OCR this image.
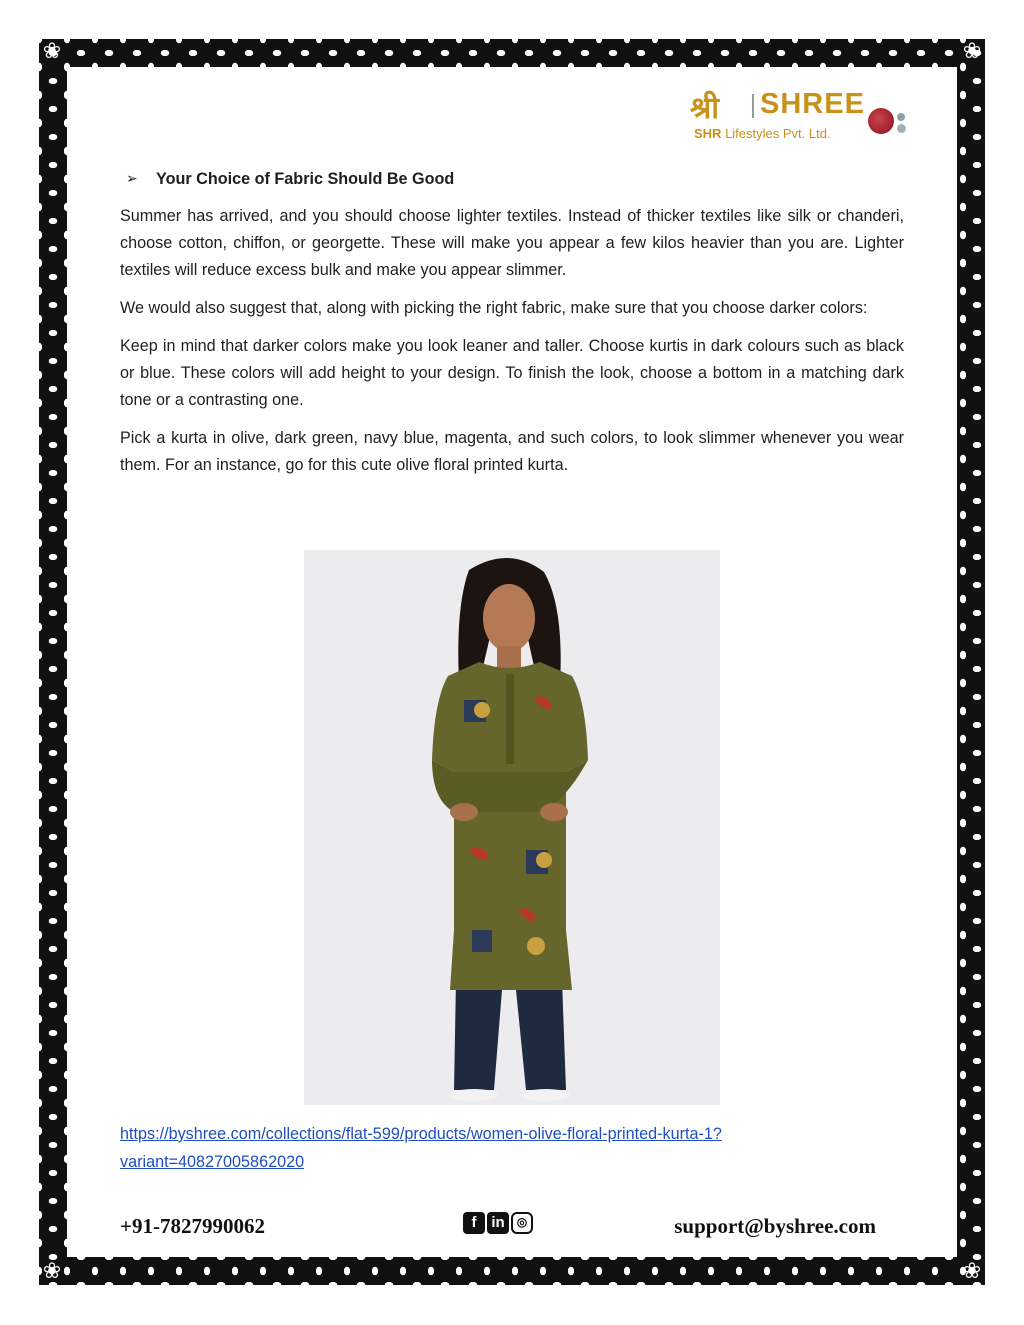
❀	❀
❀	❀
श्री SHREE
SHR Lifestyles Pvt. Ltd.
➢ Your Choice of Fabric Should Be Good

Summer has arrived, and you should choose lighter textiles. Instead of thicker textiles like silk or chanderi, choose cotton, chiffon, or georgette. These will make you appear a few kilos heavier than you are. Lighter textiles will reduce excess bulk and make you appear slimmer.

We would also suggest that, along with picking the right fabric, make sure that you choose darker colors:

Keep in mind that darker colors make you look leaner and taller. Choose kurtis in dark colours such as black or blue. These colors will add height to your design. To finish the look, choose a bottom in a matching dark tone or a contrasting one.

Pick a kurta in olive, dark green, navy blue, magenta, and such colors, to look slimmer whenever you wear them. For an instance, go for this cute olive floral printed kurta.

https://byshree.com/collections/flat-599/products/women-olive-floral-printed-kurta-1?variant=40827005862020
+91-7827990062	f in	◎	support@byshree.com
